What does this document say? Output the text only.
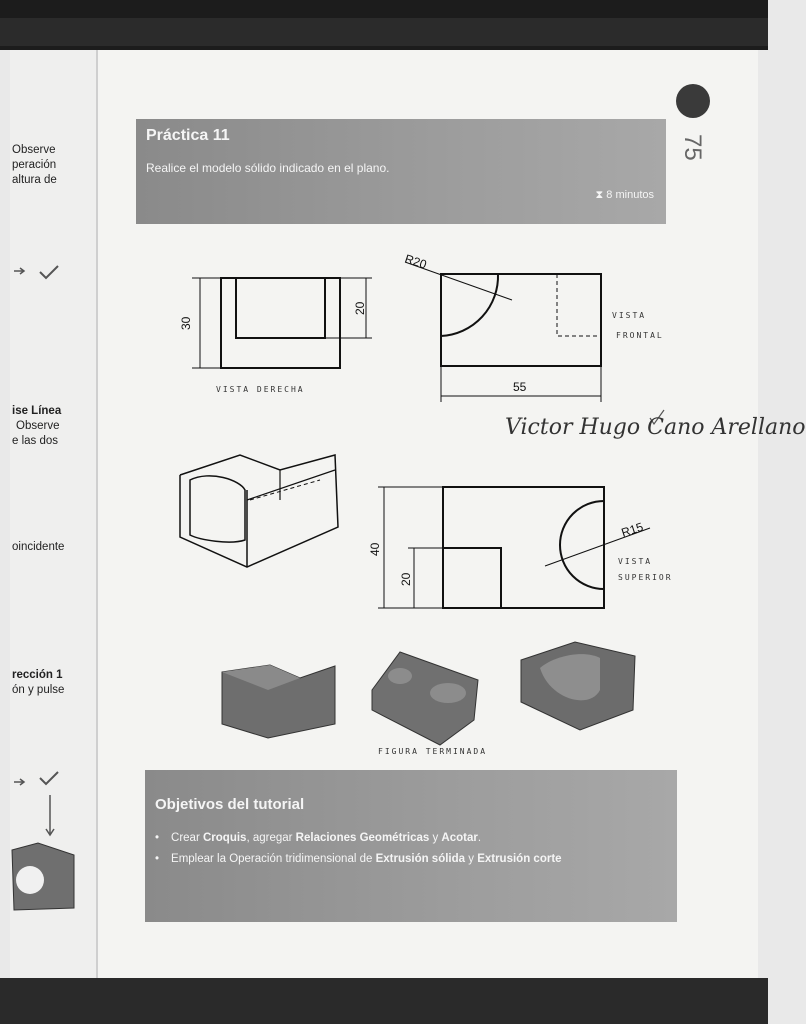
Observe
peración
altura de
ise Línea
Observe
e las dos
oincidente
rección 1
ón y pulse
75
Práctica 11
Realice el modelo sólido indicado en el plano.
⧗ 8 minutos
30
20
R20
55
40
20
R15
VISTA DERECHA
VISTA
FRONTAL
VISTA
SUPERIOR
FIGURA TERMINADA
Victor Hugo Cano Arellano
Objetivos del tutorial
• Crear Croquis, agregar Relaciones Geométricas y Acotar.
• Emplear la Operación tridimensional de Extrusión sólida y Extrusión corte
